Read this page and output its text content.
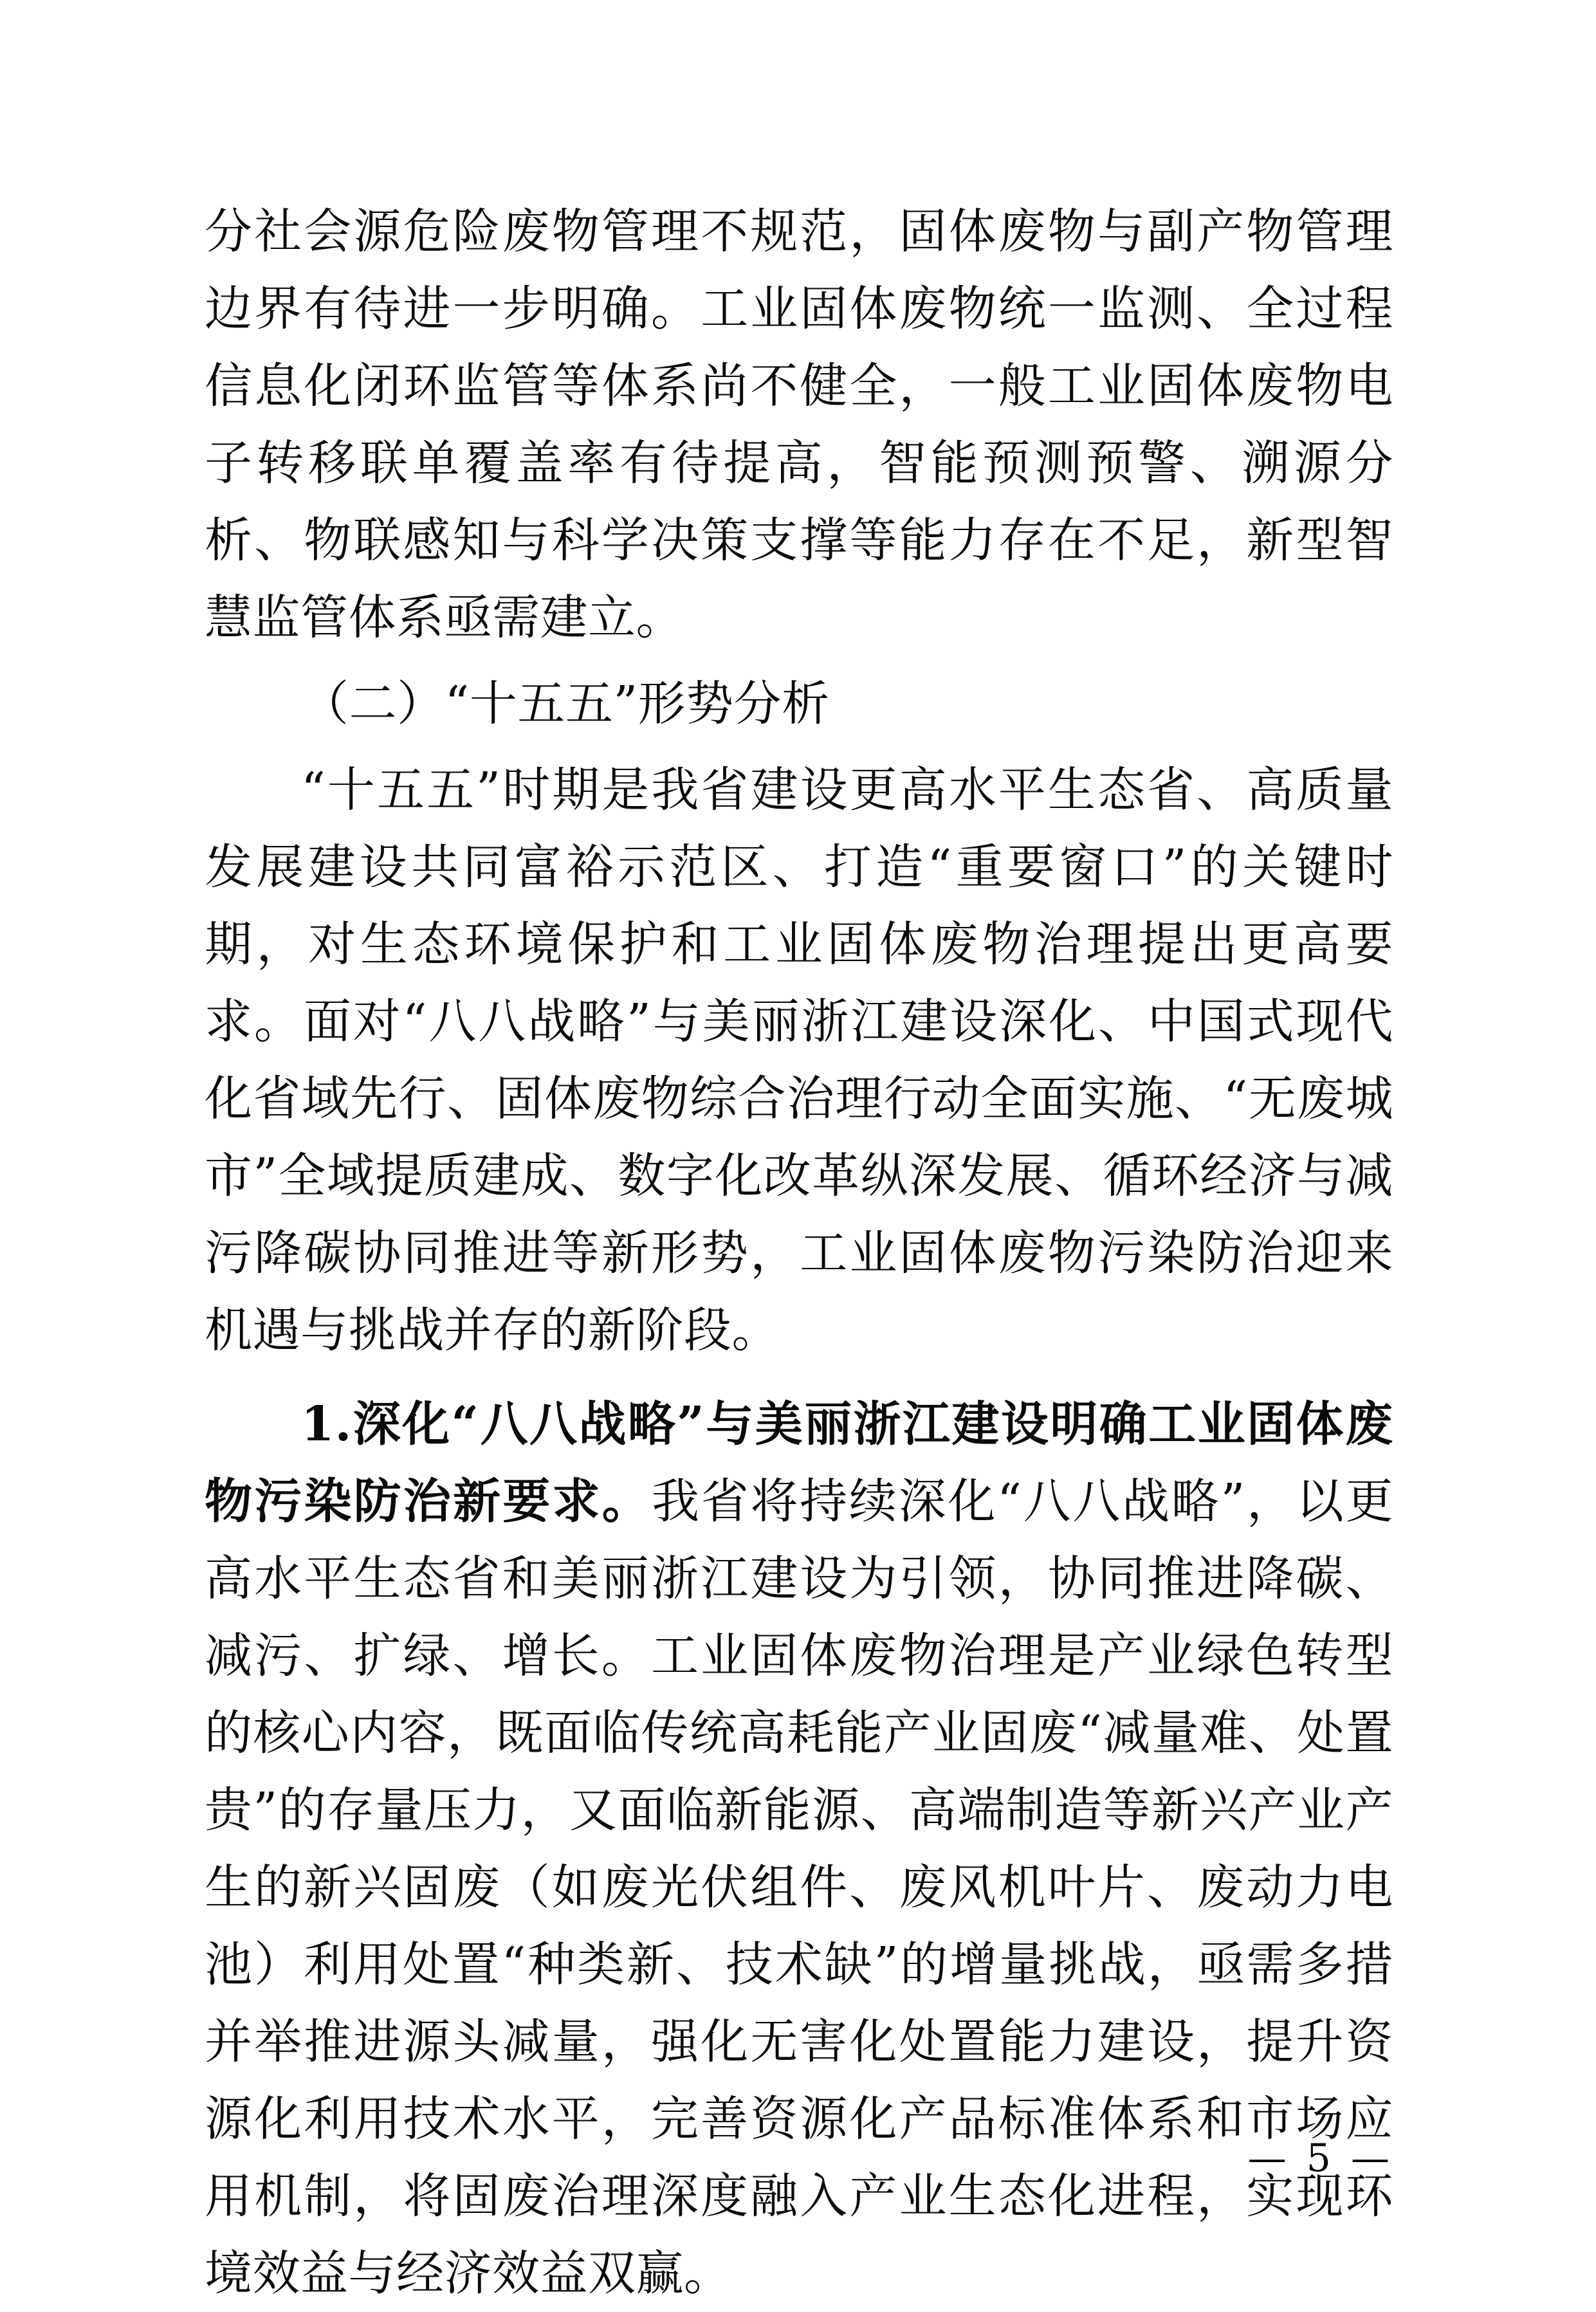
分社会源危险废物管理不规范，固体废物与副产物管理边界有待进一步明确。工业固体废物统一监测、全过程信息化闭环监管等体系尚不健全，一般工业固体废物电子转移联单覆盖率有待提高，智能预测预警、溯源分析、物联感知与科学决策支撑等能力存在不足，新型智慧监管体系亟需建立。

（二）“十五五”形势分析

“十五五”时期是我省建设更高水平生态省、高质量发展建设共同富裕示范区、打造“重要窗口”的关键时期，对生态环境保护和工业固体废物治理提出更高要求。面对“八八战略”与美丽浙江建设深化、中国式现代化省域先行、固体废物综合治理行动全面实施、“无废城市”全域提质建成、数字化改革纵深发展、循环经济与减污降碳协同推进等新形势，工业固体废物污染防治迎来机遇与挑战并存的新阶段。

1.深化“八八战略”与美丽浙江建设明确工业固体废物污染防治新要求。我省将持续深化“八八战略”，以更高水平生态省和美丽浙江建设为引领，协同推进降碳、减污、扩绿、增长。工业固体废物治理是产业绿色转型的核心内容，既面临传统高耗能产业固废“减量难、处置贵”的存量压力，又面临新能源、高端制造等新兴产业产生的新兴固废（如废光伏组件、废风机叶片、废动力电池）利用处置“种类新、技术缺”的增量挑战，亟需多措并举推进源头减量，强化无害化处置能力建设，提升资源化利用技术水平，完善资源化产品标准体系和市场应用机制，将固废治理深度融入产业生态化进程，实现环境效益与经济效益双赢。

— 5 —
